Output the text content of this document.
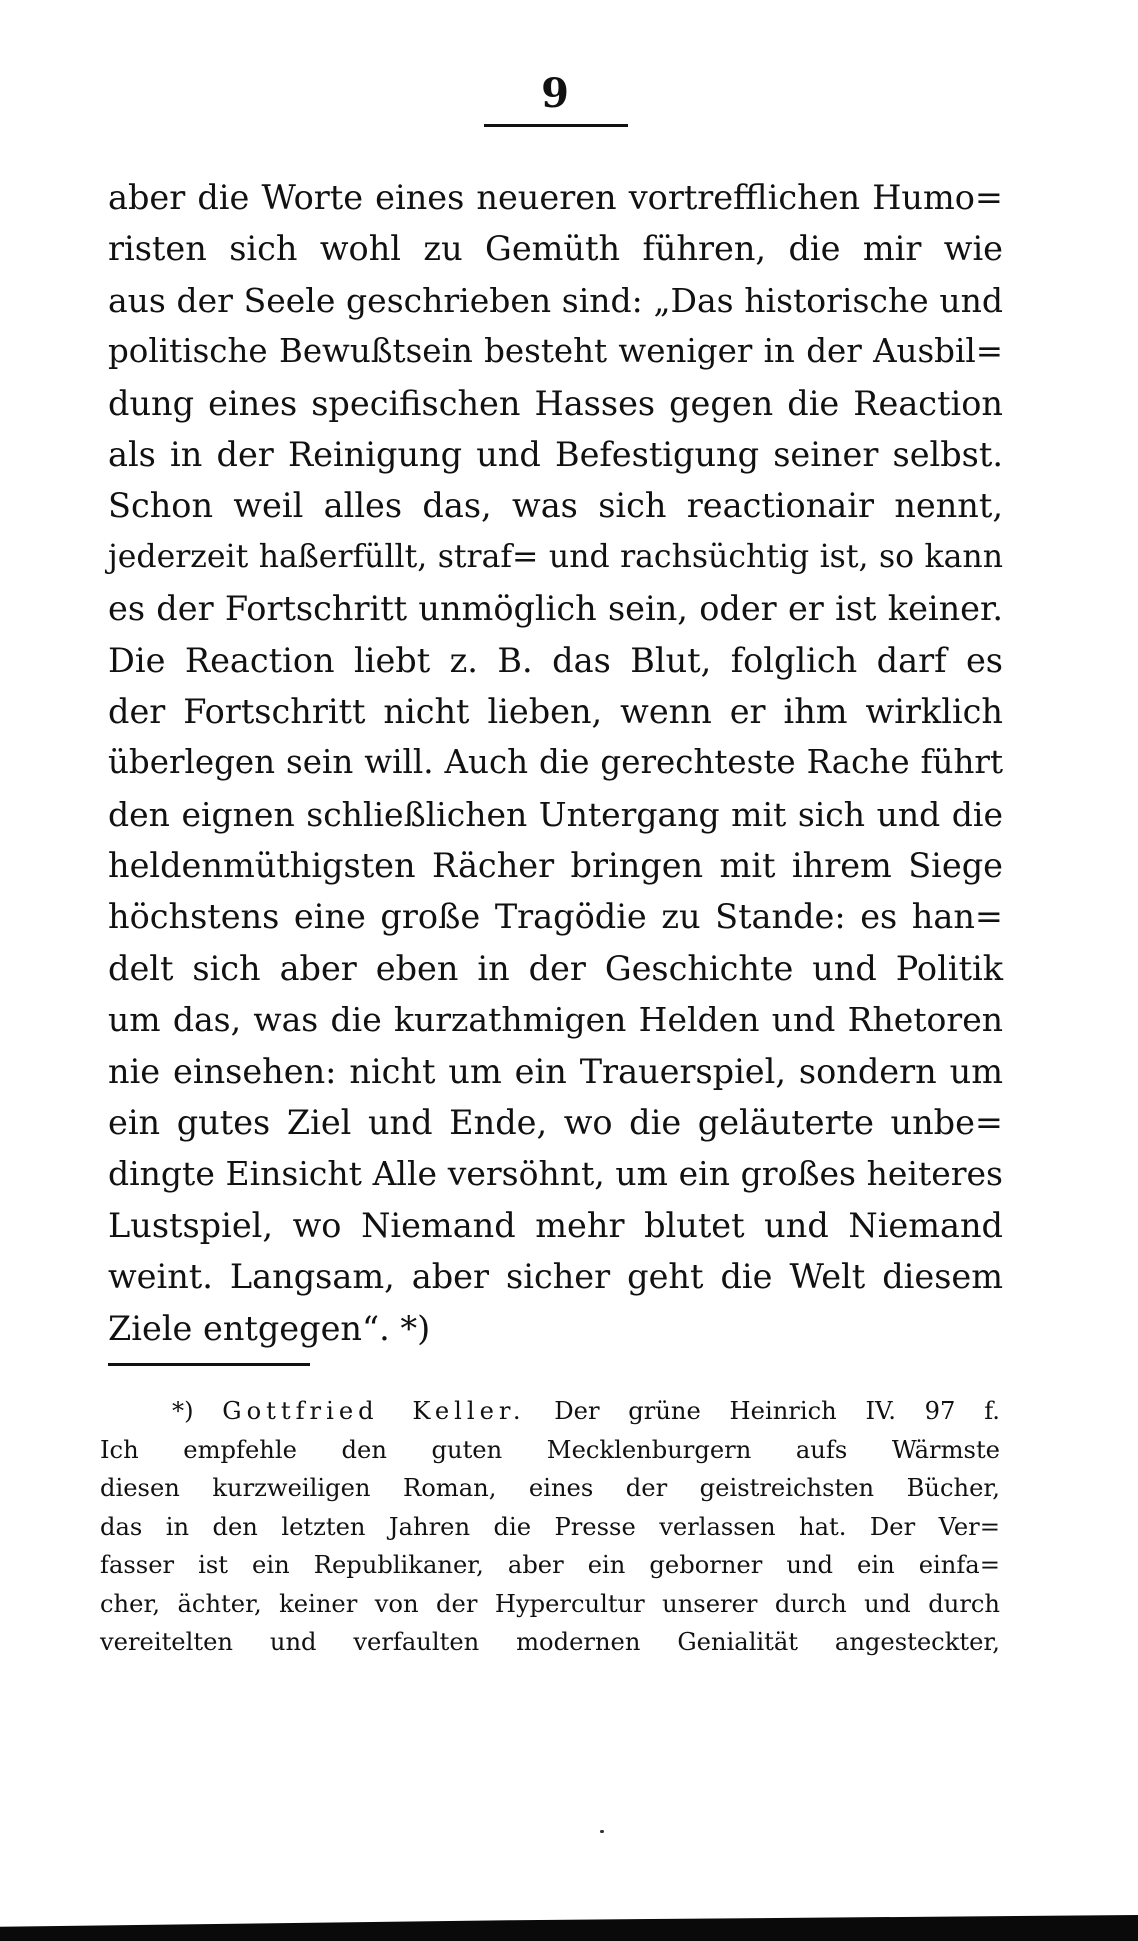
9
aber die Worte eines neueren vortrefflichen Humo=
risten sich wohl zu Gemüth führen, die mir wie
aus der Seele geschrieben sind: „Das historische und
politische Bewußtsein besteht weniger in der Ausbil=
dung eines specifischen Hasses gegen die Reaction
als in der Reinigung und Befestigung seiner selbst.
Schon weil alles das, was sich reactionair nennt,
jederzeit haßerfüllt, straf= und rachsüchtig ist, so kann
es der Fortschritt unmöglich sein, oder er ist keiner.
Die Reaction liebt z. B. das Blut, folglich darf es
der Fortschritt nicht lieben, wenn er ihm wirklich
überlegen sein will. Auch die gerechteste Rache führt
den eignen schließlichen Untergang mit sich und die
heldenmüthigsten Rächer bringen mit ihrem Siege
höchstens eine große Tragödie zu Stande: es han=
delt sich aber eben in der Geschichte und Politik
um das, was die kurzathmigen Helden und Rhetoren
nie einsehen: nicht um ein Trauerspiel, sondern um
ein gutes Ziel und Ende, wo die geläuterte unbe=
dingte Einsicht Alle versöhnt, um ein großes heiteres
Lustspiel, wo Niemand mehr blutet und Niemand
weint. Langsam, aber sicher geht die Welt diesem
Ziele entgegen“. *)
*) Gottfried Keller. Der grüne Heinrich IV. 97 f.
Ich empfehle den guten Mecklenburgern aufs Wärmste
diesen kurzweiligen Roman, eines der geistreichsten Bücher,
das in den letzten Jahren die Presse verlassen hat. Der Ver=
fasser ist ein Republikaner, aber ein geborner und ein einfa=
cher, ächter, keiner von der Hypercultur unserer durch und durch
vereitelten und verfaulten modernen Genialität angesteckter,
